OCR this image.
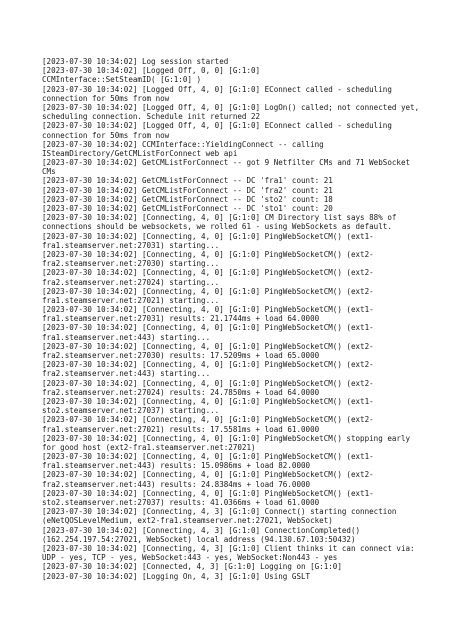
[2023-07-30 10:34:02] Log session started
[2023-07-30 10:34:02] [Logged Off, 0, 0] [G:1:0]
CCMInterface::SetSteamID( [G:1:0] )
[2023-07-30 10:34:02] [Logged Off, 4, 0] [G:1:0] EConnect called - scheduling
connection for 50ms from now
[2023-07-30 10:34:02] [Logged Off, 4, 0] [G:1:0] LogOn() called; not connected yet,
scheduling connection. Schedule init returned 22
[2023-07-30 10:34:02] [Logged Off, 4, 0] [G:1:0] EConnect called - scheduling
connection for 50ms from now
[2023-07-30 10:34:02] CCMInterface::YieldingConnect -- calling
ISteamDirectory/GetCMListForConnect web api
[2023-07-30 10:34:02] GetCMListForConnect -- got 9 Netfilter CMs and 71 WebSocket
CMs
[2023-07-30 10:34:02] GetCMListForConnect -- DC 'fra1' count: 21
[2023-07-30 10:34:02] GetCMListForConnect -- DC 'fra2' count: 21
[2023-07-30 10:34:02] GetCMListForConnect -- DC 'sto2' count: 18
[2023-07-30 10:34:02] GetCMListForConnect -- DC 'sto1' count: 20
[2023-07-30 10:34:02] [Connecting, 4, 0] [G:1:0] CM Directory list says 88% of
connections should be websockets, we rolled 61 - using WebSockets as default.
[2023-07-30 10:34:02] [Connecting, 4, 0] [G:1:0] PingWebSocketCM() (ext1-
fra1.steamserver.net:27031) starting...
[2023-07-30 10:34:02] [Connecting, 4, 0] [G:1:0] PingWebSocketCM() (ext2-
fra2.steamserver.net:27030) starting...
[2023-07-30 10:34:02] [Connecting, 4, 0] [G:1:0] PingWebSocketCM() (ext2-
fra2.steamserver.net:27024) starting...
[2023-07-30 10:34:02] [Connecting, 4, 0] [G:1:0] PingWebSocketCM() (ext2-
fra1.steamserver.net:27021) starting...
[2023-07-30 10:34:02] [Connecting, 4, 0] [G:1:0] PingWebSocketCM() (ext1-
fra1.steamserver.net:27031) results: 21.1744ms + load 64.0000
[2023-07-30 10:34:02] [Connecting, 4, 0] [G:1:0] PingWebSocketCM() (ext1-
fra1.steamserver.net:443) starting...
[2023-07-30 10:34:02] [Connecting, 4, 0] [G:1:0] PingWebSocketCM() (ext2-
fra2.steamserver.net:27030) results: 17.5209ms + load 65.0000
[2023-07-30 10:34:02] [Connecting, 4, 0] [G:1:0] PingWebSocketCM() (ext2-
fra2.steamserver.net:443) starting...
[2023-07-30 10:34:02] [Connecting, 4, 0] [G:1:0] PingWebSocketCM() (ext2-
fra2.steamserver.net:27024) results: 24.7850ms + load 64.0000
[2023-07-30 10:34:02] [Connecting, 4, 0] [G:1:0] PingWebSocketCM() (ext1-
sto2.steamserver.net:27037) starting...
[2023-07-30 10:34:02] [Connecting, 4, 0] [G:1:0] PingWebSocketCM() (ext2-
fra1.steamserver.net:27021) results: 17.5581ms + load 61.0000
[2023-07-30 10:34:02] [Connecting, 4, 0] [G:1:0] PingWebSocketCM() stopping early
for good host (ext2-fra1.steamserver.net:27021)
[2023-07-30 10:34:02] [Connecting, 4, 0] [G:1:0] PingWebSocketCM() (ext1-
fra1.steamserver.net:443) results: 15.0986ms + load 82.0000
[2023-07-30 10:34:02] [Connecting, 4, 0] [G:1:0] PingWebSocketCM() (ext2-
fra2.steamserver.net:443) results: 24.8384ms + load 76.0000
[2023-07-30 10:34:02] [Connecting, 4, 0] [G:1:0] PingWebSocketCM() (ext1-
sto2.steamserver.net:27037) results: 41.0366ms + load 61.0000
[2023-07-30 10:34:02] [Connecting, 4, 3] [G:1:0] Connect() starting connection
(eNetQOSLevelMedium, ext2-fra1.steamserver.net:27021, WebSocket)
[2023-07-30 10:34:02] [Connecting, 4, 3] [G:1:0] ConnectionCompleted()
(162.254.197.54:27021, WebSocket) local address (94.130.67.103:50432)
[2023-07-30 10:34:02] [Connecting, 4, 3] [G:1:0] Client thinks it can connect via:
UDP - yes, TCP - yes, WebSocket:443 - yes, WebSocket:Non443 - yes
[2023-07-30 10:34:02] [Connected, 4, 3] [G:1:0] Logging on [G:1:0]
[2023-07-30 10:34:02] [Logging On, 4, 3] [G:1:0] Using GSLT
